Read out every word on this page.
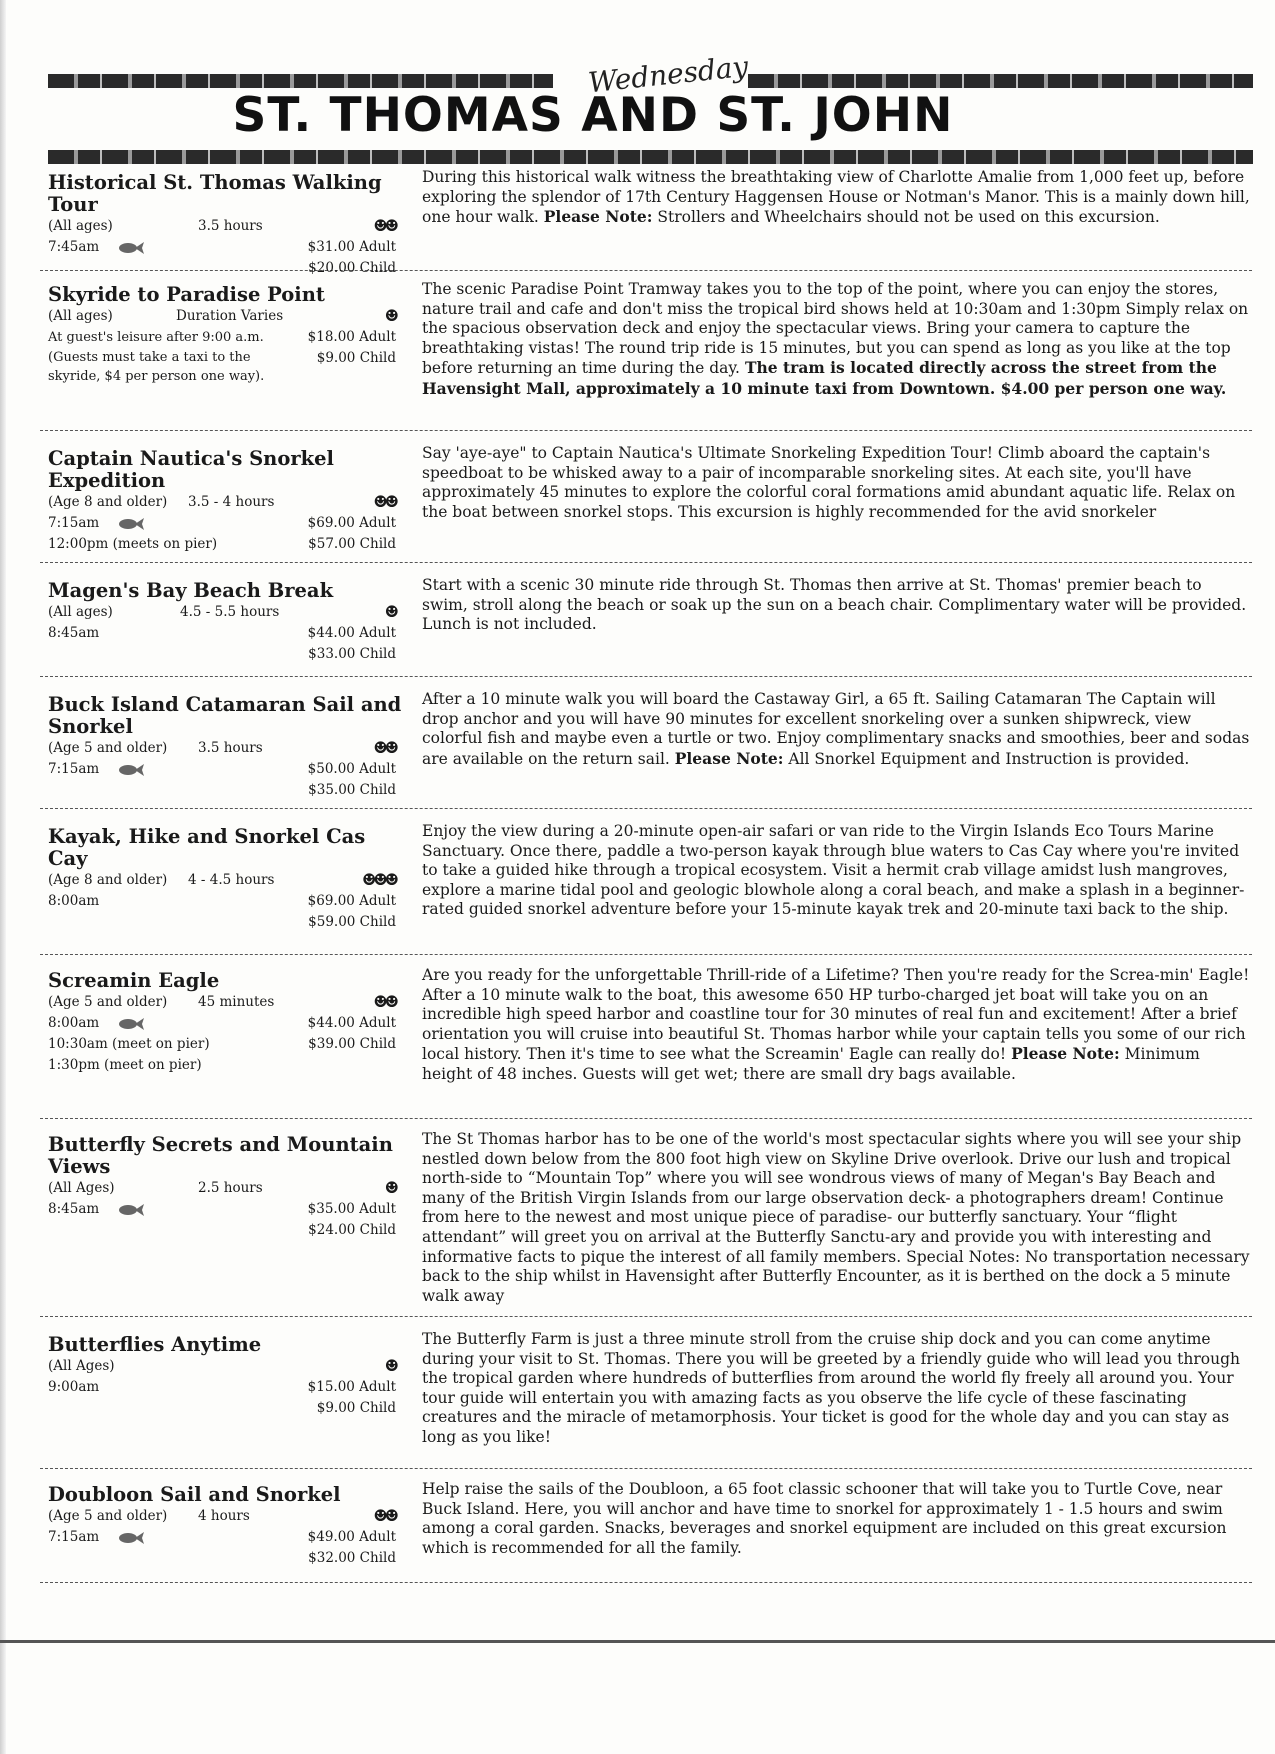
Wednesday
ST. THOMAS AND ST. JOHN
Historical St. Thomas Walking Tour
(All ages)	3.5 hours	☻☻
7:45am	$31.00 Adult
$20.00 Child
During this historical walk witness the breathtaking view of Charlotte Amalie from 1,000 feet up, before exploring the splendor of 17th Century Haggensen House or Notman's Manor. This is a mainly down hill, one hour walk. Please Note: Strollers and Wheelchairs should not be used on this excursion.
Skyride to Paradise Point
(All ages)	Duration Varies	☻
At guest's leisure after 9:00 a.m.	$18.00 Adult
(Guests must take a taxi to the skyride, $4 per person one way).
$9.00 Child
The scenic Paradise Point Tramway takes you to the top of the point, where you can enjoy the stores, nature trail and cafe and don't miss the tropical bird shows held at 10:30am and 1:30pm Simply relax on the spacious observation deck and enjoy the spectacular views. Bring your camera to capture the breathtaking vistas! The round trip ride is 15 minutes, but you can spend as long as you like at the top before returning an time during the day. The tram is located directly across the street from the Havensight Mall, approximately a 10 minute taxi from Downtown. $4.00 per person one way.
Captain Nautica's Snorkel Expedition
(Age 8 and older) 3.5 - 4 hours	☻☻
7:15am	$69.00 Adult
12:00pm (meets on pier)	$57.00 Child
Say 'aye-aye" to Captain Nautica's Ultimate Snorkeling Expedition Tour! Climb aboard the captain's speedboat to be whisked away to a pair of incomparable snorkeling sites. At each site, you'll have approximately 45 minutes to explore the colorful coral formations amid abundant aquatic life. Relax on the boat between snorkel stops. This excursion is highly recommended for the avid snorkeler
Magen's Bay Beach Break
(All ages)	4.5 - 5.5 hours	☻
8:45am	$44.00 Adult
$33.00 Child
Start with a scenic 30 minute ride through St. Thomas then arrive at St. Thomas' premier beach to swim, stroll along the beach or soak up the sun on a beach chair. Complimentary water will be provided. Lunch is not included.
Buck Island Catamaran Sail and Snorkel
(Age 5 and older) 3.5 hours	☻☻
7:15am	$50.00 Adult
$35.00 Child
After a 10 minute walk you will board the Castaway Girl, a 65 ft. Sailing Catamaran The Captain will drop anchor and you will have 90 minutes for excellent snorkeling over a sunken shipwreck, view colorful fish and maybe even a turtle or two. Enjoy complimentary snacks and smoothies, beer and sodas are available on the return sail. Please Note: All Snorkel Equipment and Instruction is provided.
Kayak, Hike and Snorkel Cas Cay
(Age 8 and older) 4 - 4.5 hours	☻☻☻
8:00am	$69.00 Adult
$59.00 Child
Enjoy the view during a 20-minute open-air safari or van ride to the Virgin Islands Eco Tours Marine Sanctuary. Once there, paddle a two-person kayak through blue waters to Cas Cay where you're invited to take a guided hike through a tropical ecosystem. Visit a hermit crab village amidst lush mangroves, explore a marine tidal pool and geologic blowhole along a coral beach, and make a splash in a beginner-rated guided snorkel adventure before your 15-minute kayak trek and 20-minute taxi back to the ship.
Screamin Eagle
(Age 5 and older) 45 minutes	☻☻
8:00am	$44.00 Adult
10:30am (meet on pier)	$39.00 Child
1:30pm (meet on pier)
Are you ready for the unforgettable Thrill-ride of a Lifetime? Then you're ready for the Screa-min' Eagle! After a 10 minute walk to the boat, this awesome 650 HP turbo-charged jet boat will take you on an incredible high speed harbor and coastline tour for 30 minutes of real fun and excitement! After a brief orientation you will cruise into beautiful St. Thomas harbor while your captain tells you some of our rich local history. Then it's time to see what the Screamin' Eagle can really do! Please Note: Minimum height of 48 inches. Guests will get wet; there are small dry bags available.
Butterfly Secrets and Mountain Views
(All Ages)	2.5 hours	☻
8:45am	$35.00 Adult
$24.00 Child
The St Thomas harbor has to be one of the world's most spectacular sights where you will see your ship nestled down below from the 800 foot high view on Skyline Drive overlook. Drive our lush and tropical north-side to “Mountain Top” where you will see wondrous views of many of Megan's Bay Beach and many of the British Virgin Islands from our large observation deck- a photographers dream! Continue from here to the newest and most unique piece of paradise- our butterfly sanctuary. Your “flight attendant” will greet you on arrival at the Butterfly Sanctu-ary and provide you with interesting and informative facts to pique the interest of all family members. Special Notes: No transportation necessary back to the ship whilst in Havensight after Butterfly Encounter, as it is berthed on the dock a 5 minute walk away
Butterflies Anytime
(All Ages)	☻
9:00am	$15.00 Adult
$9.00 Child
The Butterfly Farm is just a three minute stroll from the cruise ship dock and you can come anytime during your visit to St. Thomas. There you will be greeted by a friendly guide who will lead you through the tropical garden where hundreds of butterflies from around the world fly freely all around you. Your tour guide will entertain you with amazing facts as you observe the life cycle of these fascinating creatures and the miracle of metamorphosis. Your ticket is good for the whole day and you can stay as long as you like!
Doubloon Sail and Snorkel
(Age 5 and older) 4 hours	☻☻
7:15am	$49.00 Adult
$32.00 Child
Help raise the sails of the Doubloon, a 65 foot classic schooner that will take you to Turtle Cove, near Buck Island. Here, you will anchor and have time to snorkel for approximately 1 - 1.5 hours and swim among a coral garden. Snacks, beverages and snorkel equipment are included on this great excursion which is recommended for all the family.
